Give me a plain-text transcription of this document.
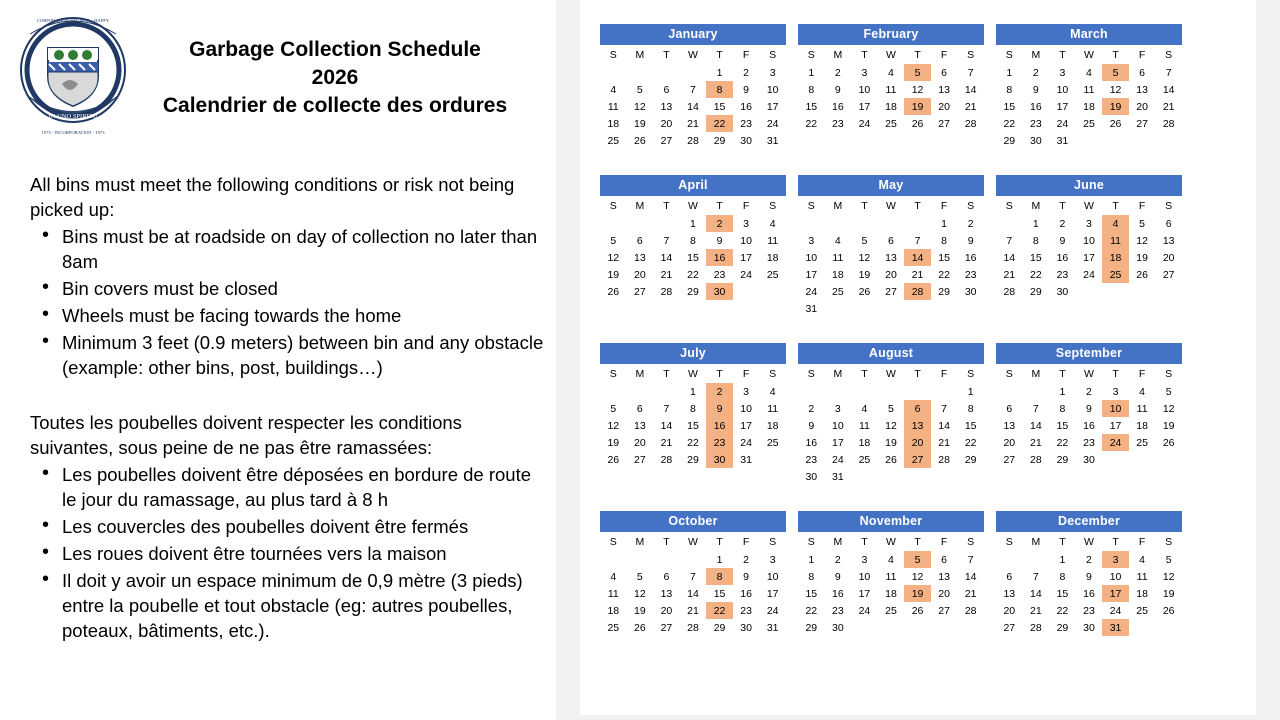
IN UNO SPIRITU
CORPORATION VAL HITA - HAPPY
1973 - INCORPORATION - 1973
Garbage Collection Schedule
2026
Calendrier de collecte des ordures

All bins must meet the following conditions or risk not being picked up:

• Bins must be at roadside on day of collection no later than 8am
• Bin covers must be closed
• Wheels must be facing towards the home
• Minimum 3 feet (0.9 meters) between bin and any obstacle (example: other bins, post, buildings…)

Toutes les poubelles doivent respecter les conditions suivantes, sous peine de ne pas être ramassées:

• Les poubelles doivent être déposées en bordure de route le jour du ramassage, au plus tard à 8 h
• Les couvercles des poubelles doivent être fermés
• Les roues doivent être tournées vers la maison
• Il doit y avoir un espace minimum de 0,9 mètre (3 pieds) entre la poubelle et tout obstacle (eg: autres poubelles, poteaux, bâtiments, etc.).
January
S	M	T	W	T	F	S
				1	2	3
4	5	6	7	8	9	10
11	12	13	14	15	16	17
18	19	20	21	22	23	24
25	26	27	28	29	30	31
February
S	M	T	W	T	F	S
1	2	3	4	5	6	7
8	9	10	11	12	13	14
15	16	17	18	19	20	21
22	23	24	25	26	27	28
March
S	M	T	W	T	F	S
1	2	3	4	5	6	7
8	9	10	11	12	13	14
15	16	17	18	19	20	21
22	23	24	25	26	27	28
29	30	31				
April
S	M	T	W	T	F	S
			1	2	3	4
5	6	7	8	9	10	11
12	13	14	15	16	17	18
19	20	21	22	23	24	25
26	27	28	29	30		
May
S	M	T	W	T	F	S
					1	2
3	4	5	6	7	8	9
10	11	12	13	14	15	16
17	18	19	20	21	22	23
24	25	26	27	28	29	30
31						
June
S	M	T	W	T	F	S
	1	2	3	4	5	6
7	8	9	10	11	12	13
14	15	16	17	18	19	20
21	22	23	24	25	26	27
28	29	30				
July
S	M	T	W	T	F	S
			1	2	3	4
5	6	7	8	9	10	11
12	13	14	15	16	17	18
19	20	21	22	23	24	25
26	27	28	29	30	31	
August
S	M	T	W	T	F	S
						1
2	3	4	5	6	7	8
9	10	11	12	13	14	15
16	17	18	19	20	21	22
23	24	25	26	27	28	29
30	31					
September
S	M	T	W	T	F	S
		1	2	3	4	5
6	7	8	9	10	11	12
13	14	15	16	17	18	19
20	21	22	23	24	25	26
27	28	29	30			
October
S	M	T	W	T	F	S
				1	2	3
4	5	6	7	8	9	10
11	12	13	14	15	16	17
18	19	20	21	22	23	24
25	26	27	28	29	30	31
November
S	M	T	W	T	F	S
1	2	3	4	5	6	7
8	9	10	11	12	13	14
15	16	17	18	19	20	21
22	23	24	25	26	27	28
29	30					
December
S	M	T	W	T	F	S
		1	2	3	4	5
6	7	8	9	10	11	12
13	14	15	16	17	18	19
20	21	22	23	24	25	26
27	28	29	30	31		
